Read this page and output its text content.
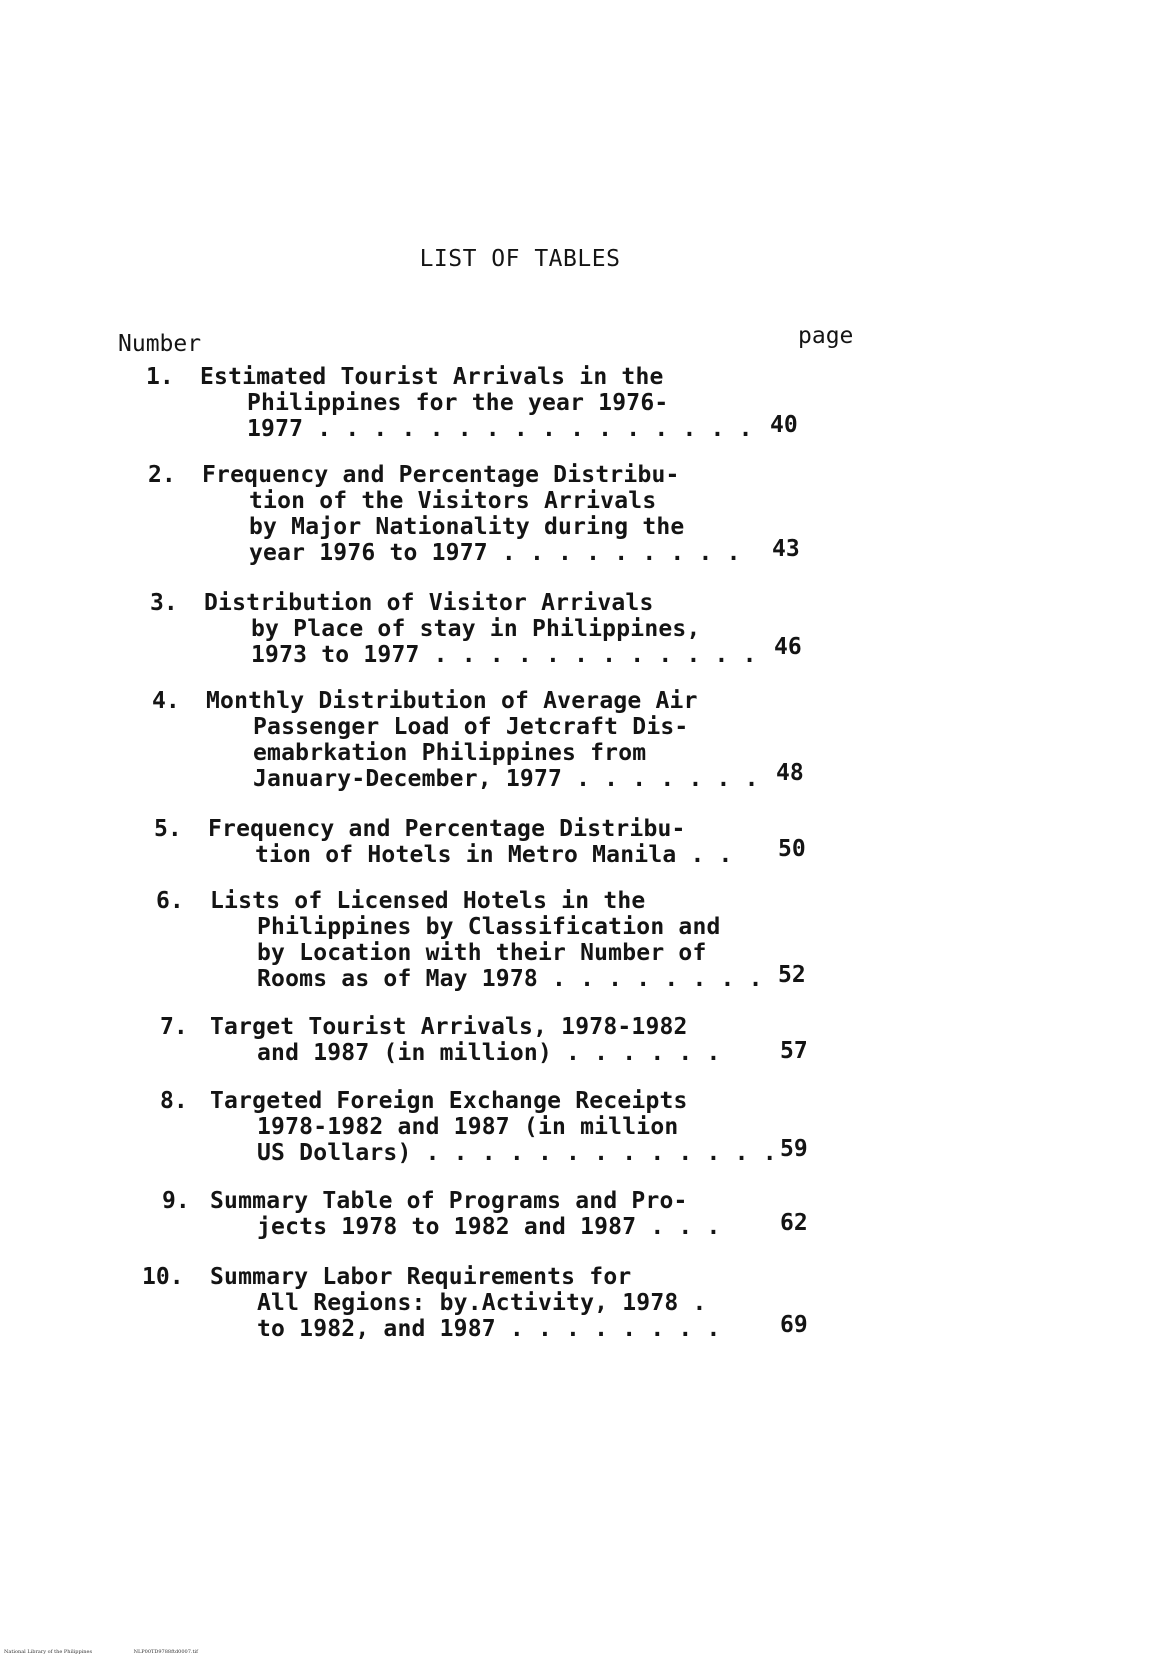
LIST OF TABLES
Number	page
1. Estimated Tourist Arrivals in the
Philippines for the year 1976-
1977 . . . . . . . . . . . . . . . . 40
2. Frequency and Percentage Distribu-
tion of the Visitors Arrivals
by Major Nationality during the
year 1976 to 1977 . . . . . . . . .	43
3. Distribution of Visitor Arrivals
by Place of stay in Philippines,
1973 to 1977 . . . . . . . . . . . . 46
4. Monthly Distribution of Average Air
Passenger Load of Jetcraft Dis-
emabrkation Philippines from
January-December, 1977 . . . . . . . 48
5. Frequency and Percentage Distribu-
tion of Hotels in Metro Manila . .	50
6. Lists of Licensed Hotels in the
Philippines by Classification and
by Location with their Number of
Rooms as of May 1978 . . . . . . . . 52
7. Target Tourist Arrivals, 1978-1982
and 1987 (in million) . . . . . .	57
8. Targeted Foreign Exchange Receipts
1978-1982 and 1987 (in million
US Dollars) . . . . . . . . . . . . . 59
9. Summary Table of Programs and Pro-
jects 1978 to 1982 and 1987 . . .	62
10. Summary Labor Requirements for
All Regions: by.Activity, 1978 .
to 1982, and 1987 . . . . . . . .	69
National Library of the Philippines	NLP00TD9788ftd0007.tif
